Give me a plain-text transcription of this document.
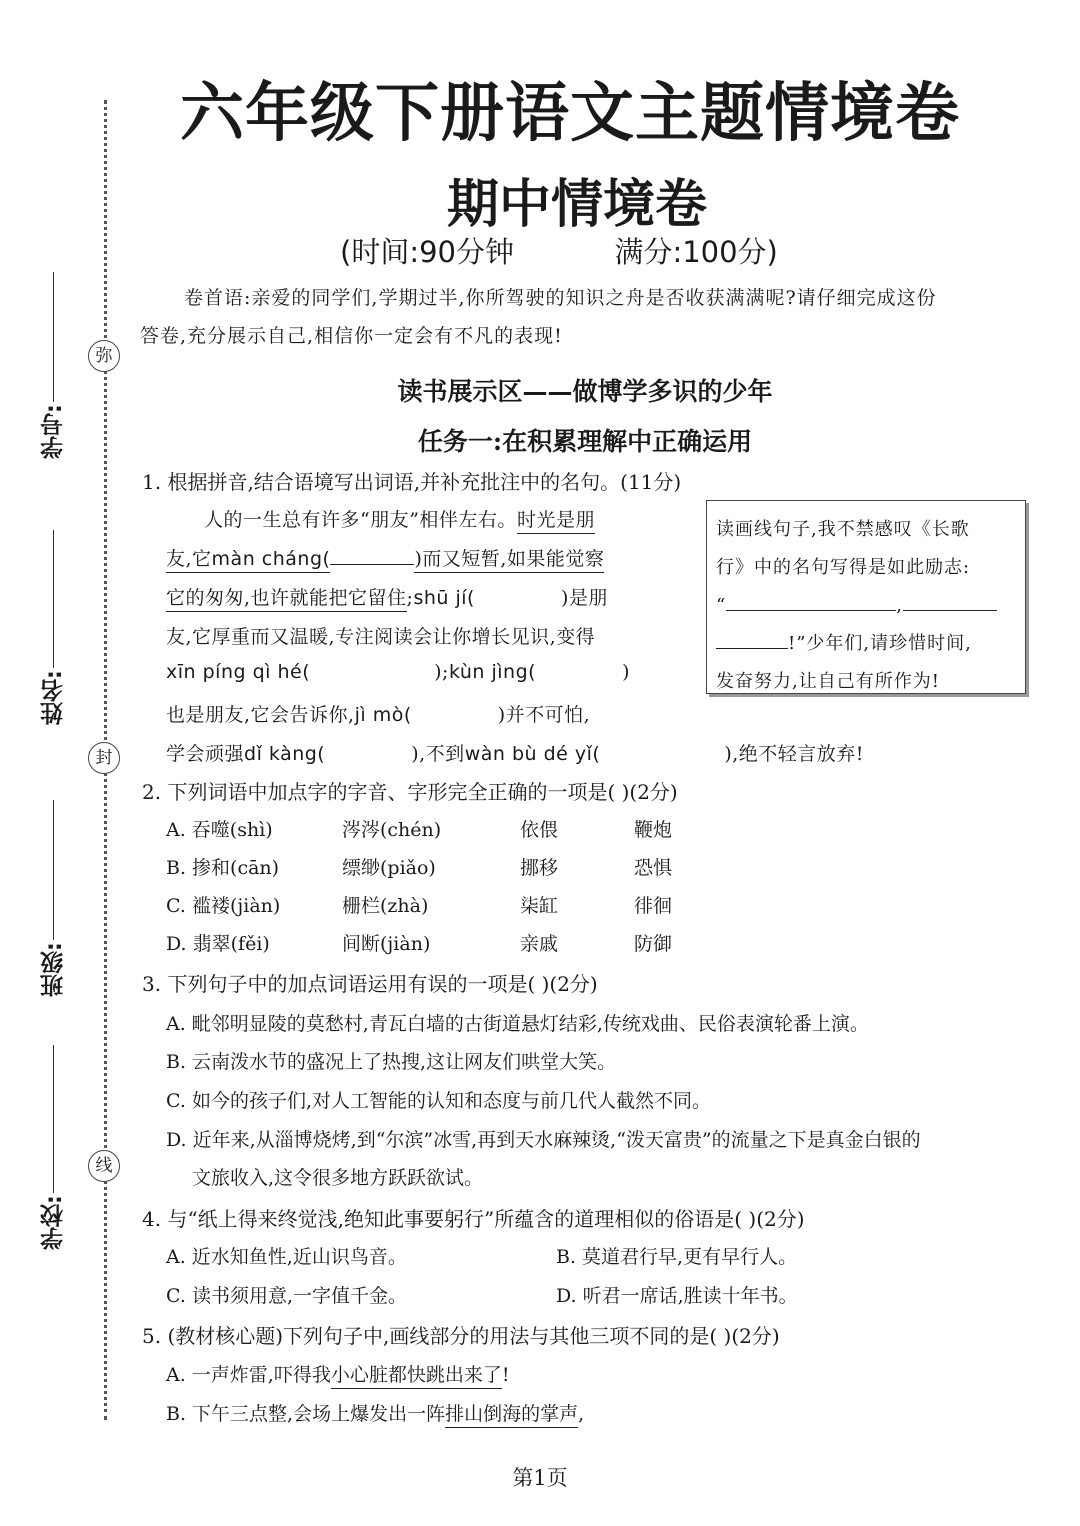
弥
封
线
学号:
姓名:
班级:
学校:
六年级下册语文主题情境卷
期中情境卷
(时间:90分钟	满分:100分)
卷首语:亲爱的同学们,学期过半,你所驾驶的知识之舟是否收获满满呢?请仔细完成这份
答卷,充分展示自己,相信你一定会有不凡的表现!
读书展示区——做博学多识的少年
任务一:在积累理解中正确运用
1. 根据拼音,结合语境写出词语,并补充批注中的名句。(11分)
人的一生总有许多“朋友”相伴左右。时光是朋
友,它màn cháng(	)而又短暂,如果能觉察
它的匆匆,也许就能把它留住;shū jí(	)是朋
友,它厚重而又温暖,专注阅读会让你增长见识,变得
xīn píng qì hé(	);kùn jìng(	)
也是朋友,它会告诉你,jì mò(	)并不可怕,
学会顽强dǐ kàng(	),不到wàn bù dé yǐ(	),绝不轻言放弃!
读画线句子,我不禁感叹《长歌
行》中的名句写得是如此励志:
“	,
!”少年们,请珍惜时间,
发奋努力,让自己有所作为!
2. 下列词语中加点字的字音、字形完全正确的一项是( )(2分)
A. 吞噬(shì)	涔涔(chén)	依偎	鞭炮
B. 掺和(cān)	缥缈(piǎo)	挪移	恐惧
C. 褴褛(jiàn)	栅栏(zhà)	柒缸	徘徊
D. 翡翠(fěi)	间断(jiàn)	亲戚	防御
3. 下列句子中的加点词语运用有误的一项是( )(2分)
A. 毗邻明显陵的莫愁村,青瓦白墙的古街道悬灯结彩,传统戏曲、民俗表演轮番上演。
B. 云南泼水节的盛况上了热搜,这让网友们哄堂大笑。
C. 如今的孩子们,对人工智能的认知和态度与前几代人截然不同。
D. 近年来,从淄博烧烤,到“尔滨”冰雪,再到天水麻辣烫,“泼天富贵”的流量之下是真金白银的
文旅收入,这令很多地方跃跃欲试。
4. 与“纸上得来终觉浅,绝知此事要躬行”所蕴含的道理相似的俗语是( )(2分)
A. 近水知鱼性,近山识鸟音。	B. 莫道君行早,更有早行人。
C. 读书须用意,一字值千金。	D. 听君一席话,胜读十年书。
5. (教材核心题)下列句子中,画线部分的用法与其他三项不同的是( )(2分)
A. 一声炸雷,吓得我小心脏都快跳出来了!
B. 下午三点整,会场上爆发出一阵排山倒海的掌声,
第1页
